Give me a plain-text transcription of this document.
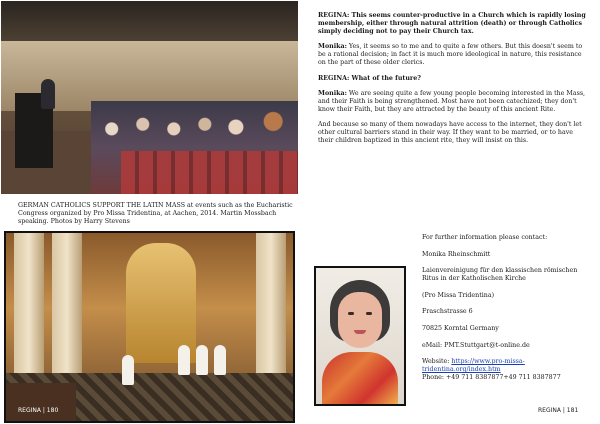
REGINA: This seems counter-productive in a Church which is rapidly losing membership, either through natural attrition (death) or through Catholics simply deciding not to pay their Church tax.

Monika: Yes, it seems so to me and to quite a few others. But this doesn't seem to be a rational decision; in fact it is much more ideological in nature, this resistance on the part of these older clerics.

REGINA: What of the future?

Monika: We are seeing quite a few young people becoming interested in the Mass, and their Faith is being strengthened. Most have not been catechized; they don't know their Faith, but they are attracted by the beauty of this ancient Rite.

And because so many of them nowadays have access to the internet, they don't let other cultural barriers stand in their way. If they want to be married, or to have their children baptized in this ancient rite, they will insist on this.

GERMAN CATHOLICS SUPPORT THE LATIN MASS at events such as the Eucharistic Congress organized by Pro Missa Tridentina, at Aachen, 2014. Martin Mossbach speaking. Photos by Harry Stevens
REGINA | 180

For further information please contact:

Monika Rheinschmitt

Laienvereinigung für den klassischen römischen Ritus in der Katholischen Kirche

(Pro Missa Tridentina)

Fraschstrasse 6

70825 Korntal Germany

eMail: PMT.Stuttgart@t-online.de

Website: https://www.pro-missa-tridentina.org/index.htm

Phone: +49 711 8387877+49 711 8387877

REGINA | 181
